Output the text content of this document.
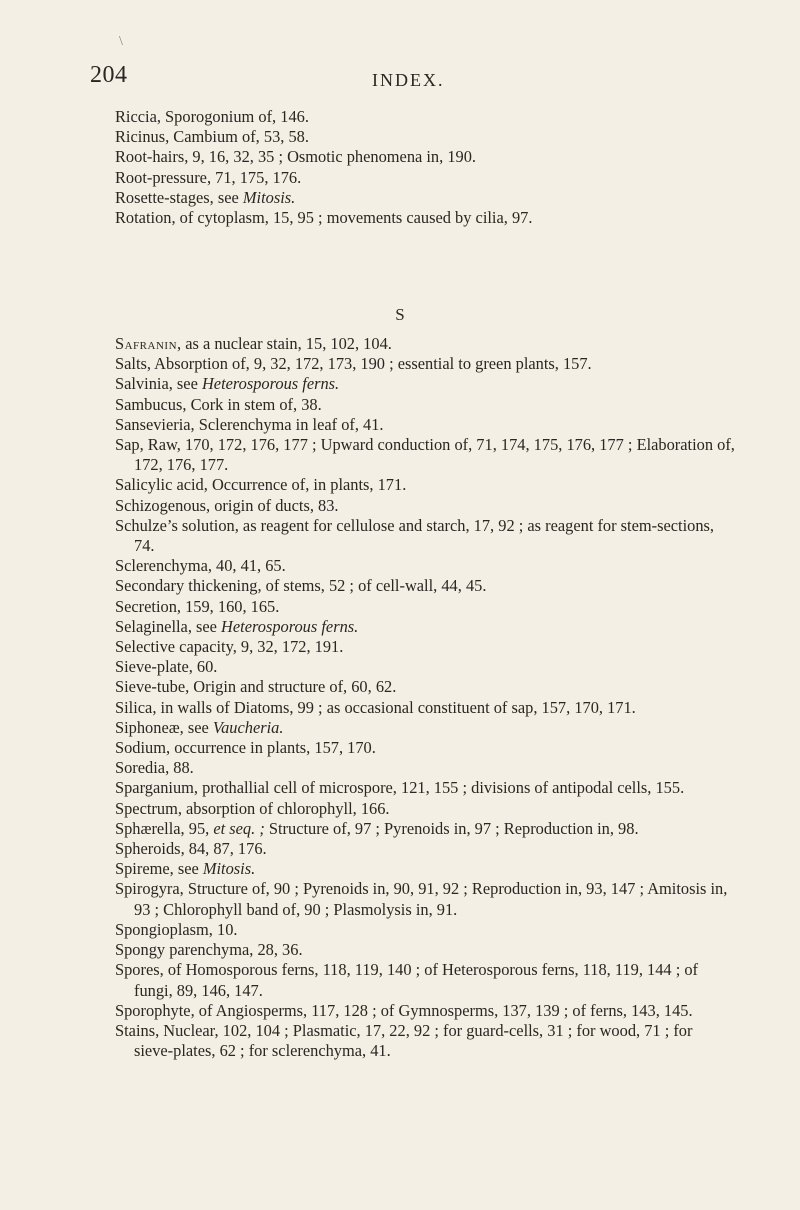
\
204	INDEX.
Riccia, Sporogonium of, 146.
Ricinus, Cambium of, 53, 58.
Root-hairs, 9, 16, 32, 35 ; Osmotic phenomena in, 190.
Root-pressure, 71, 175, 176.
Rosette-stages, see Mitosis.
Rotation, of cytoplasm, 15, 95 ; movements caused by cilia, 97.
S
Safranin, as a nuclear stain, 15, 102, 104.
Salts, Absorption of, 9, 32, 172, 173, 190 ; essential to green plants, 157.
Salvinia, see Heterosporous ferns.
Sambucus, Cork in stem of, 38.
Sansevieria, Sclerenchyma in leaf of, 41.
Sap, Raw, 170, 172, 176, 177 ; Upward conduction of, 71, 174, 175, 176, 177 ; Elaboration of, 172, 176, 177.
Salicylic acid, Occurrence of, in plants, 171.
Schizogenous, origin of ducts, 83.
Schulze’s solution, as reagent for cellulose and starch, 17, 92 ; as reagent for stem-sections, 74.
Sclerenchyma, 40, 41, 65.
Secondary thickening, of stems, 52 ; of cell-wall, 44, 45.
Secretion, 159, 160, 165.
Selaginella, see Heterosporous ferns.
Selective capacity, 9, 32, 172, 191.
Sieve-plate, 60.
Sieve-tube, Origin and structure of, 60, 62.
Silica, in walls of Diatoms, 99 ; as occasional constituent of sap, 157, 170, 171.
Siphoneæ, see Vaucheria.
Sodium, occurrence in plants, 157, 170.
Soredia, 88.
Sparganium, prothallial cell of microspore, 121, 155 ; divisions of antipodal cells, 155.
Spectrum, absorption of chlorophyll, 166.
Sphærella, 95, et seq. ; Structure of, 97 ; Pyrenoids in, 97 ; Reproduction in, 98.
Spheroids, 84, 87, 176.
Spireme, see Mitosis.
Spirogyra, Structure of, 90 ; Pyrenoids in, 90, 91, 92 ; Reproduction in, 93, 147 ; Amitosis in, 93 ; Chlorophyll band of, 90 ; Plasmolysis in, 91.
Spongioplasm, 10.
Spongy parenchyma, 28, 36.
Spores, of Homosporous ferns, 118, 119, 140 ; of Heterosporous ferns, 118, 119, 144 ; of fungi, 89, 146, 147.
Sporophyte, of Angiosperms, 117, 128 ; of Gymnosperms, 137, 139 ; of ferns, 143, 145.
Stains, Nuclear, 102, 104 ; Plasmatic, 17, 22, 92 ; for guard-cells, 31 ; for wood, 71 ; for sieve-plates, 62 ; for sclerenchyma, 41.
